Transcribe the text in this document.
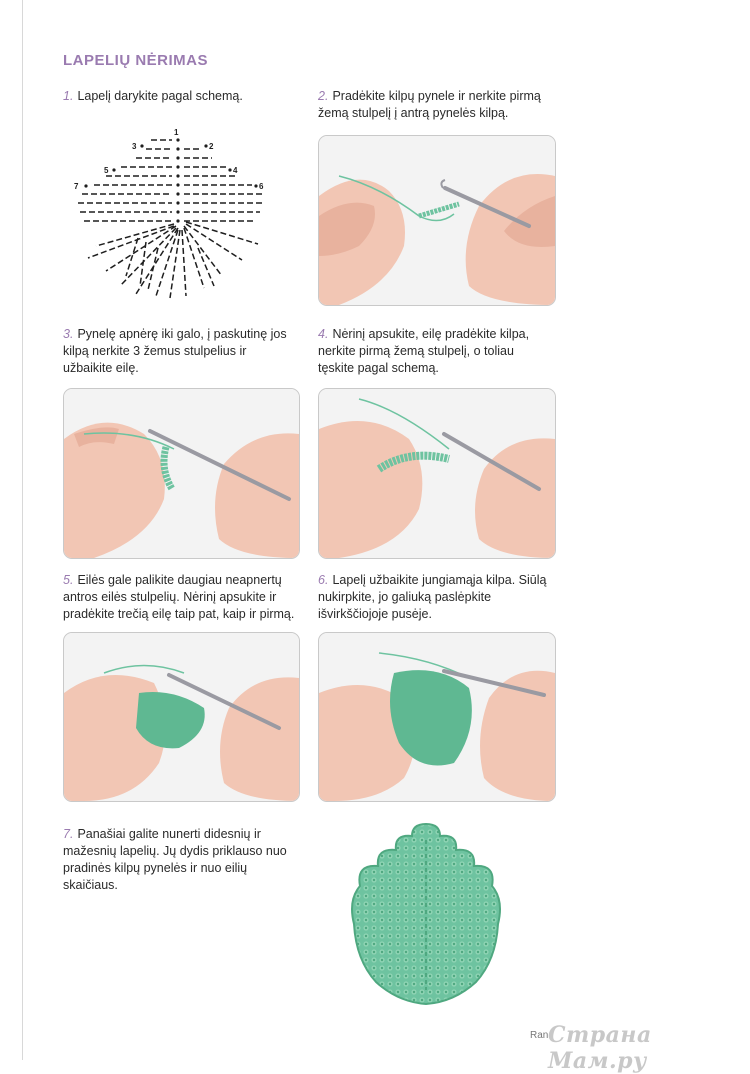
LAPELIŲ NĖRIMAS
1. Lapelį darykite pagal schemą.
1
2
3
4
5
6
7
2. Pradėkite kilpų pynele ir nerkite pirmą žemą stulpelį į antrą pynelės kilpą.
3. Pynelę apnėrę iki galo, į paskutinę jos kilpą nerkite 3 žemus stulpelius ir užbaikite eilę.
4. Nėrinį apsukite, eilę pradėkite kilpa, nerkite pirmą žemą stulpelį, o toliau tęskite pagal schemą.
5. Eilės gale palikite daugiau neapnertų antros eilės stulpelių. Nėrinį apsukite ir pradėkite trečią eilę taip pat, kaip ir pirmą.
6. Lapelį užbaikite jungiamąja kilpa. Siūlą nukirpkite, jo galiuką paslėpkite išvirkščiojoje pusėje.
7. Panašiai galite nunerti didesnių ir mažesnių lapelių. Jų dydis priklauso nuo pradinės kilpų pynelės ir nuo eilių skaičiaus.
Ran Страна Мам.ру
